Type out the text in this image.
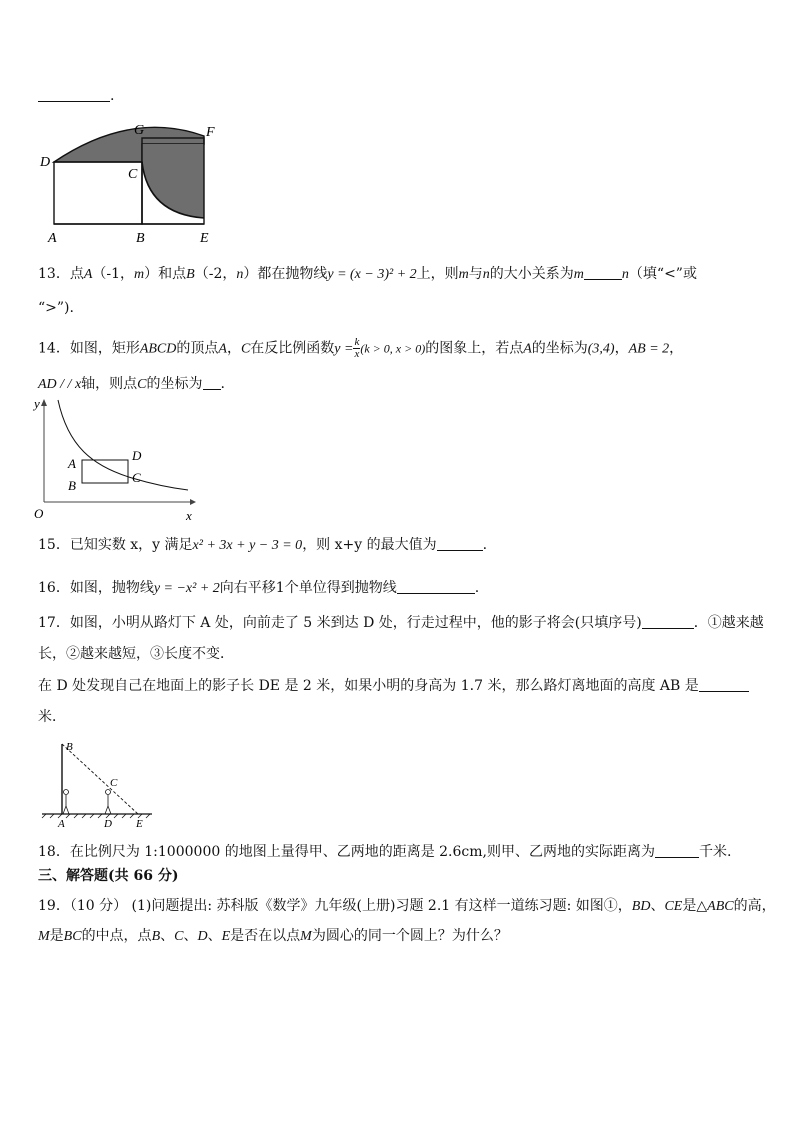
.
D
G	F
C
A	B	E
13．点A（-1，m）和点B（-2，n）都在抛物线y = (x − 3)² + 2上，则m与n的大小关系为m	n（填“<”或
“>”).
14．如图，矩形ABCD的顶点A，C在反比例函数$y = \frac{k}{x} (k > 0$, x > 0)的图象上，若点A的坐标为(3,4)，AB = 2，
AD / / x轴，则点C的坐标为 .
y
A
B
D
C
O	x
15．已知实数 x，y 满足x² + 3x + y − 3 = 0，则 x+y 的最大值为	.
16．如图，抛物线y = −x² + 2向右平移1个单位得到抛物线	.
17．如图，小明从路灯下 A 处，向前走了 5 米到达 D 处，行走过程中，他的影子将会(只填序号)	．①越来越
长，②越来越短，③长度不变．
在 D 处发现自己在地面上的影子长 DE 是 2 米，如果小明的身高为 1.7 米，那么路灯离地面的高度 AB 是
米．
B
C
A	D E
18．在比例尺为 1:1000000 的地图上量得甲、乙两地的距离是 2.6cm,则甲、乙两地的实际距离为	千米.
三、解答题(共 66 分)
19．（10 分） (1)问题提出: 苏科版《数学》九年级(上册)习题 2.1 有这样一道练习题: 如图①，BD、CE是△ABC的高，
M是BC的中点，点B、C、D、E是否在以点M为圆心的同一个圆上？为什么？
